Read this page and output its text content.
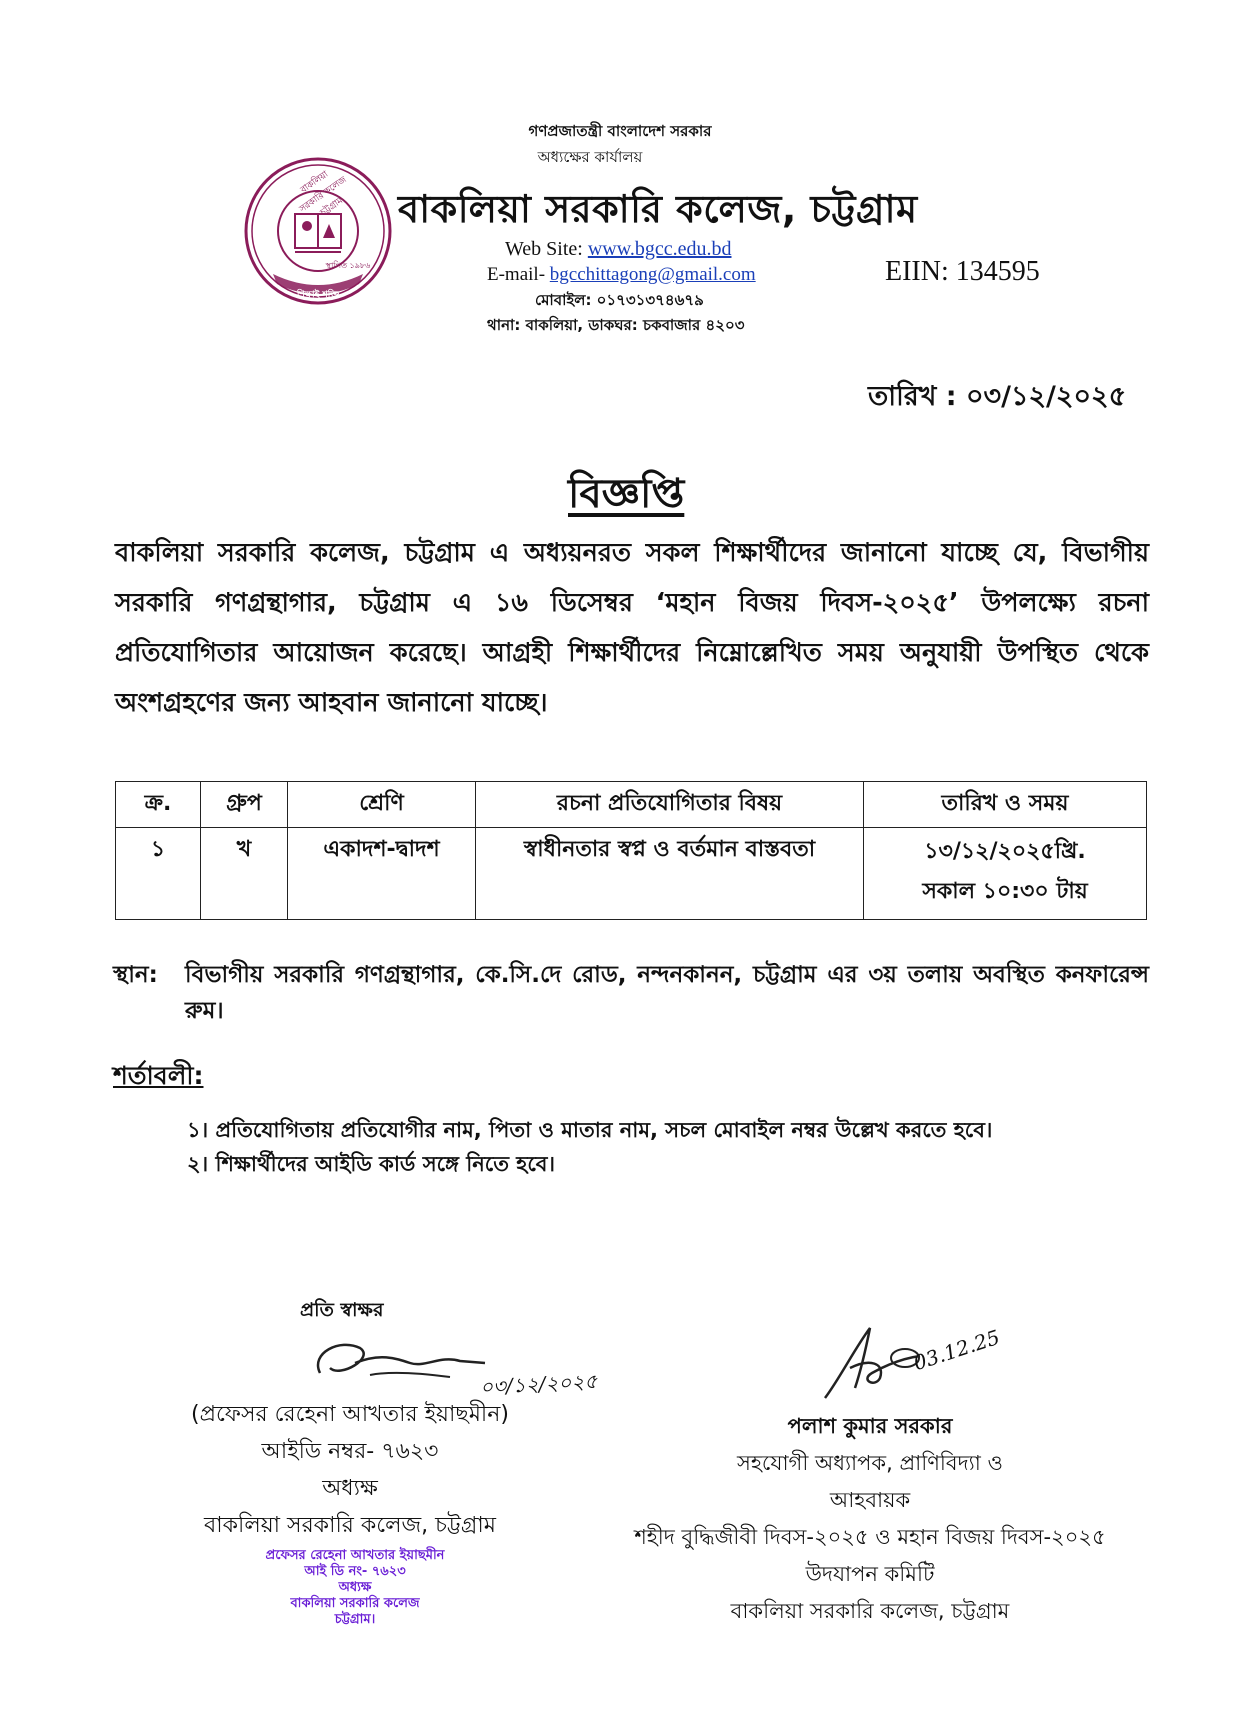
গণপ্রজাতন্ত্রী বাংলাদেশ সরকার
অধ্যক্ষের কার্যালয়
বাকলিয়া সরকারি কলেজ চট্টগ্রাম
স্থাপিত ১৯৮৬
শিক্ষাই শক্তি
বাকলিয়া সরকারি কলেজ, চট্টগ্রাম
Web Site: www.bgcc.edu.bd
E-mail- bgcchittagong@gmail.com
মোবাইল: ০১৭৩১৩৭৪৬৭৯
থানা: বাকলিয়া, ডাকঘর: চকবাজার ৪২০৩
EIIN: 134595
তারিখ : ০৩/১২/২০২৫
বিজ্ঞপ্তি
বাকলিয়া সরকারি কলেজ, চট্টগ্রাম এ অধ্যয়নরত সকল শিক্ষার্থীদের জানানো যাচ্ছে যে, বিভাগীয় সরকারি গণগ্রন্থাগার, চট্টগ্রাম এ ১৬ ডিসেম্বর ‘মহান বিজয় দিবস-২০২৫’ উপলক্ষ্যে রচনা প্রতিযোগিতার আয়োজন করেছে। আগ্রহী শিক্ষার্থীদের নিম্নোল্লেখিত সময় অনুযায়ী উপস্থিত থেকে অংশগ্রহণের জন্য আহবান জানানো যাচ্ছে।
ক্র.	গ্রুপ	শ্রেণি	রচনা প্রতিযোগিতার বিষয়	তারিখ ও সময়
১	খ	একাদশ-দ্বাদশ	স্বাধীনতার স্বপ্ন ও বর্তমান বাস্তবতা	১৩/১২/২০২৫খ্রি.
সকাল ১০:৩০ টায়
স্থান:	বিভাগীয় সরকারি গণগ্রন্থাগার, কে.সি.দে রোড, নন্দনকানন, চট্টগ্রাম এর ৩য় তলায় অবস্থিত কনফারেন্স রুম।
শর্তাবলী:
১। প্রতিযোগিতায় প্রতিযোগীর নাম, পিতা ও মাতার নাম, সচল মোবাইল নম্বর উল্লেখ করতে হবে।
২। শিক্ষার্থীদের আইডি কার্ড সঙ্গে নিতে হবে।
প্রতি স্বাক্ষর
০৩/১২/২০২৫
(প্রফেসর রেহেনা আখতার ইয়াছমীন)
আইডি নম্বর- ৭৬২৩
অধ্যক্ষ
বাকলিয়া সরকারি কলেজ, চট্টগ্রাম
প্রফেসর রেহেনা আখতার ইয়াছমীন
আই ডি নং- ৭৬২৩
অধ্যক্ষ
বাকলিয়া সরকারি কলেজ
চট্টগ্রাম।
03.12.25
পলাশ কুমার সরকার
সহযোগী অধ্যাপক, প্রাণিবিদ্যা ও
আহবায়ক
শহীদ বুদ্ধিজীবী দিবস-২০২৫ ও মহান বিজয় দিবস-২০২৫
উদযাপন কমিটি
বাকলিয়া সরকারি কলেজ, চট্টগ্রাম
